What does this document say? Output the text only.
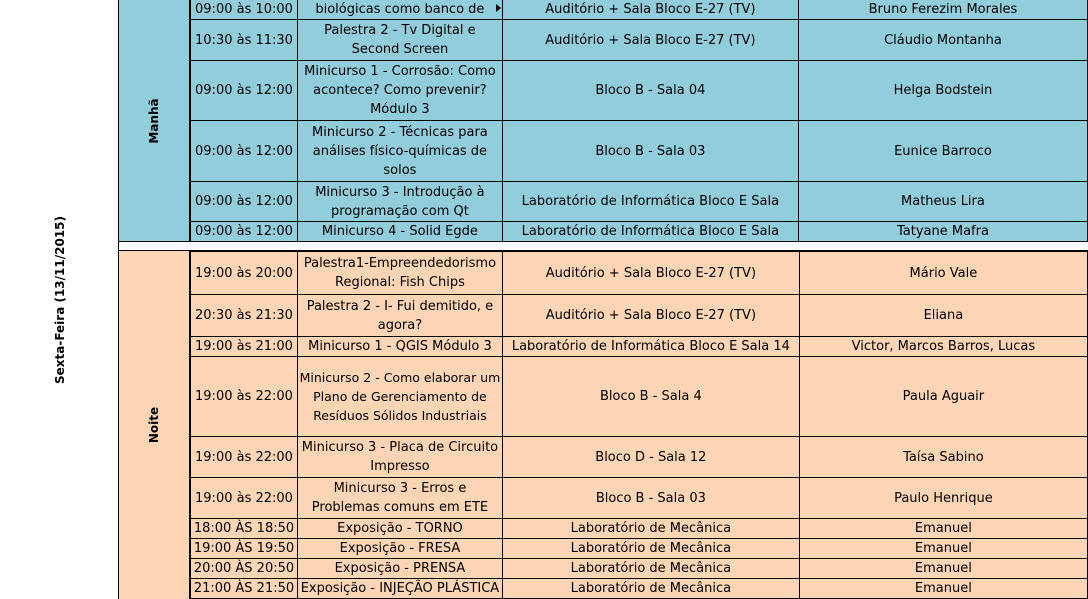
Sexta-Feira (13/11/2015)
Manhã
09:00 às 10:00	biológicas como banco de	Auditório + Sala Bloco E-27 (TV)	Bruno Ferezim Morales
10:30 às 11:30	Palestra 2 - Tv Digital e Second Screen	Auditório + Sala Bloco E-27 (TV)	Cláudio Montanha
09:00 às 12:00	Minicurso 1 - Corrosão: Como acontece? Como prevenir? Módulo 3	Bloco B - Sala 04	Helga Bodstein
09:00 às 12:00	Minicurso 2 - Técnicas para análises físico-químicas de solos	Bloco B - Sala 03	Eunice Barroco
09:00 às 12:00	Minicurso 3 - Introdução à programação com Qt	Laboratório de Informática Bloco E Sala	Matheus Lira
09:00 às 12:00	Minicurso 4 - Solid Egde	Laboratório de Informática Bloco E Sala	Tatyane Mafra
Noite
19:00 às 20:00	Palestra1-Empreendedorismo Regional: Fish Chips	Auditório + Sala Bloco E-27 (TV)	Mário Vale
20:30 às 21:30	Palestra 2 - I- Fui demitido, e agora?	Auditório + Sala Bloco E-27 (TV)	Eliana
19:00 às 21:00	Minicurso 1 - QGIS Módulo 3	Laboratório de Informática Bloco E Sala 14	Victor, Marcos Barros, Lucas
19:00 às 22:00	Minicurso 2 - Como elaborar um Plano de Gerenciamento de Resíduos Sólidos Industriais	Bloco B - Sala 4	Paula Aguair
19:00 às 22:00	Minicurso 3 - Placa de Circuito Impresso	Bloco D - Sala 12	Taísa Sabino
19:00 às 22:00	Minicurso 3 - Erros e Problemas comuns em ETE	Bloco B - Sala 03	Paulo Henrique
18:00 ÀS 18:50	Exposição - TORNO	Laboratório de Mecânica	Emanuel
19:00 ÀS 19:50	Exposição - FRESA	Laboratório de Mecânica	Emanuel
20:00 ÀS 20:50	Exposição - PRENSA	Laboratório de Mecânica	Emanuel
21:00 ÀS 21:50	Exposição - INJEÇÃO PLÁSTICA	Laboratório de Mecânica	Emanuel
